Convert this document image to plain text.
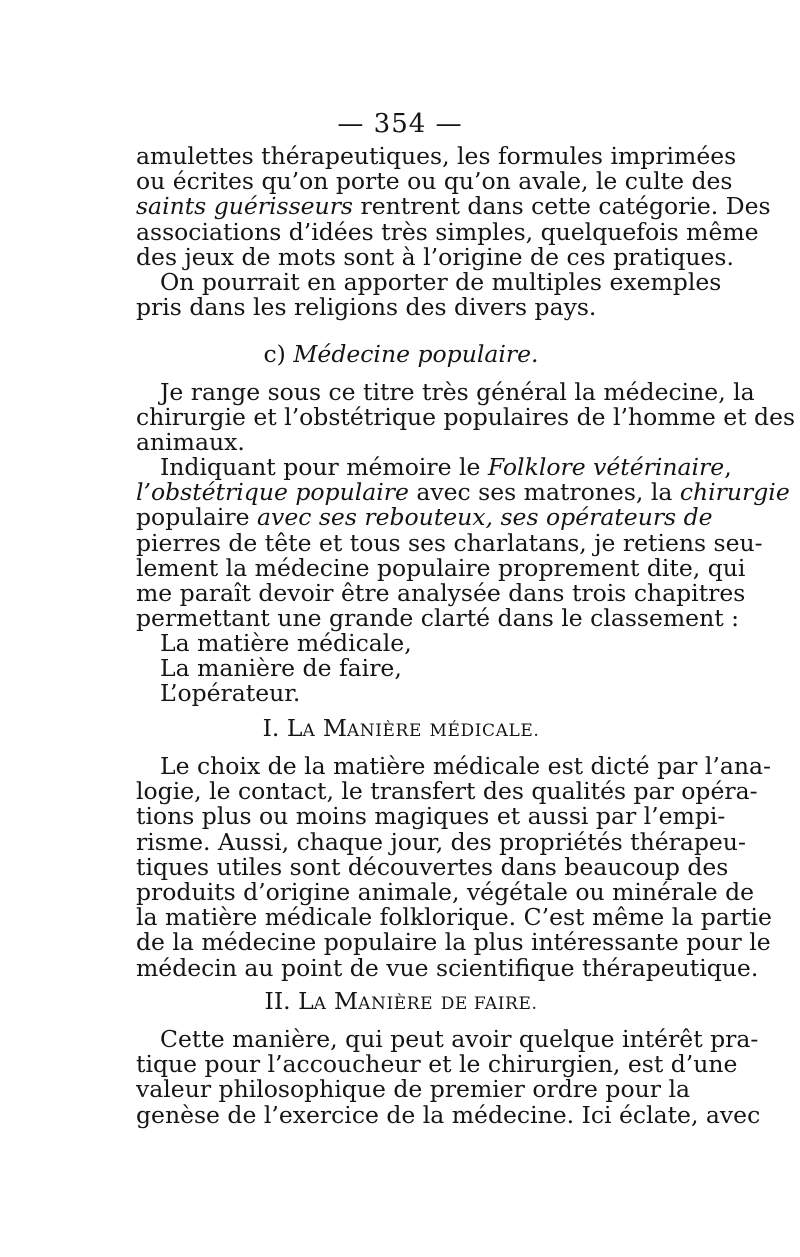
— 354 —
amulettes thérapeutiques, les formules imprimées
ou écrites qu’on porte ou qu’on avale, le culte des
saints guérisseurs rentrent dans cette catégorie. Des
associations d’idées très simples, quelquefois même
des jeux de mots sont à l’origine de ces pratiques.
On pourrait en apporter de multiples exemples
pris dans les religions des divers pays.
c) Médecine populaire.
Je range sous ce titre très général la médecine, la
chirurgie et l’obstétrique populaires de l’homme et des
animaux.
Indiquant pour mémoire le Folklore vétérinaire,
l’obstétrique populaire avec ses matrones, la chirurgie
populaire avec ses rebouteux, ses opérateurs de
pierres de tête et tous ses charlatans, je retiens seu-
lement la médecine populaire proprement dite, qui
me paraît devoir être analysée dans trois chapitres
permettant une grande clarté dans le classement :
La matière médicale,
La manière de faire,
L’opérateur.
I. LA MANIÈRE MÉDICALE.
Le choix de la matière médicale est dicté par l’ana-
logie, le contact, le transfert des qualités par opéra-
tions plus ou moins magiques et aussi par l’empi-
risme. Aussi, chaque jour, des propriétés thérapeu-
tiques utiles sont découvertes dans beaucoup des
produits d’origine animale, végétale ou minérale de
la matière médicale folklorique. C’est même la partie
de la médecine populaire la plus intéressante pour le
médecin au point de vue scientifique thérapeutique.
II. LA MANIÈRE DE FAIRE.
Cette manière, qui peut avoir quelque intérêt pra-
tique pour l’accoucheur et le chirurgien, est d’une
valeur philosophique de premier ordre pour la
genèse de l’exercice de la médecine. Ici éclate, avec
